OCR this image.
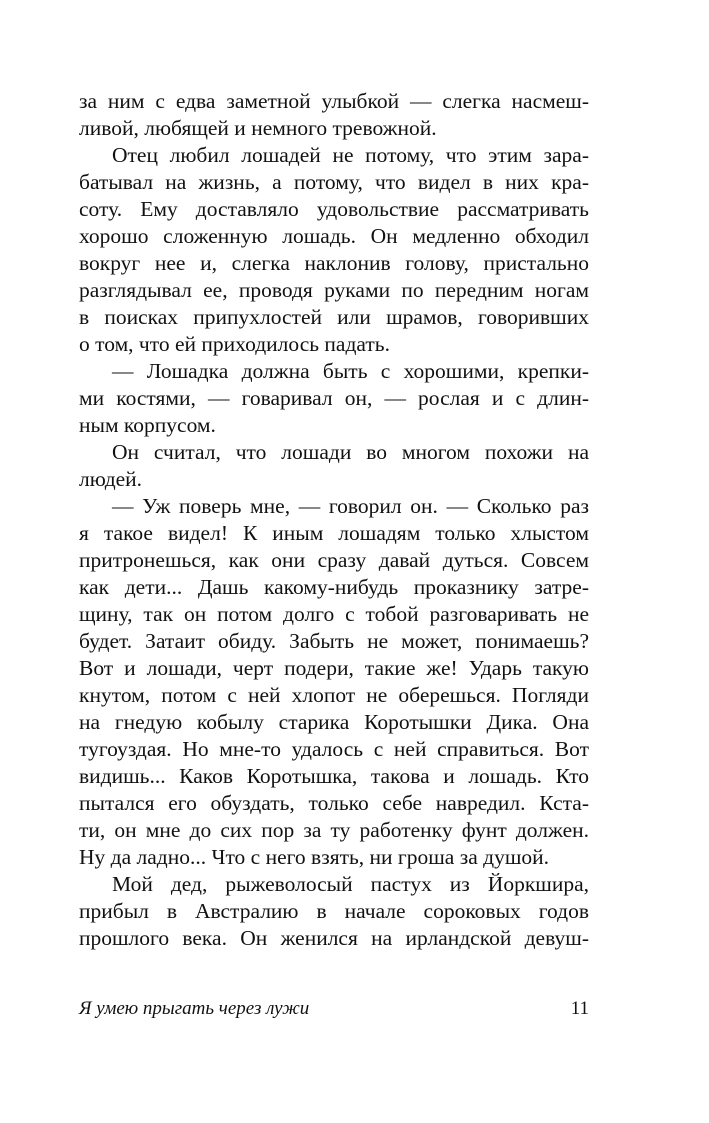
за ним с едва заметной улыбкой — слегка насмеш-
ливой, любящей и немного тревожной.
Отец любил лошадей не потому, что этим зара-
батывал на жизнь, а потому, что видел в них кра-
соту. Ему доставляло удовольствие рассматривать
хорошо сложенную лошадь. Он медленно обходил
вокруг нее и, слегка наклонив голову, пристально
разглядывал ее, проводя руками по передним ногам
в поисках припухлостей или шрамов, говоривших
о том, что ей приходилось падать.
— Лошадка должна быть с хорошими, крепки-
ми костями, — говаривал он, — рослая и с длин-
ным корпусом.
Он считал, что лошади во многом похожи на
людей.
— Уж поверь мне, — говорил он. — Сколько раз
я такое видел! К иным лошадям только хлыстом
притронешься, как они сразу давай дуться. Совсем
как дети... Дашь какому-нибудь проказнику затре-
щину, так он потом долго с тобой разговаривать не
будет. Затаит обиду. Забыть не может, понимаешь?
Вот и лошади, черт подери, такие же! Ударь такую
кнутом, потом с ней хлопот не оберешься. Погляди
на гнедую кобылу старика Коротышки Дика. Она
тугоуздая. Но мне-то удалось с ней справиться. Вот
видишь... Каков Коротышка, такова и лошадь. Кто
пытался его обуздать, только себе навредил. Кста-
ти, он мне до сих пор за ту работенку фунт должен.
Ну да ладно... Что с него взять, ни гроша за душой.
Мой дед, рыжеволосый пастух из Йоркшира,
прибыл в Австралию в начале сороковых годов
прошлого века. Он женился на ирландской девуш-
Я умею прыгать через лужи	11
